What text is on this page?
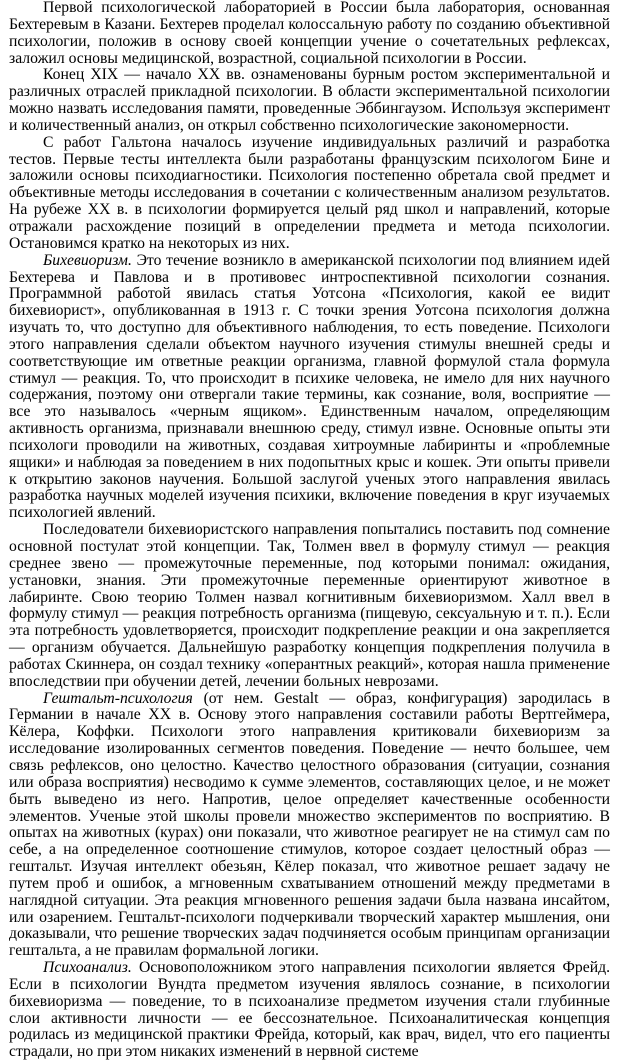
Первой психологической лабораторией в России была лаборатория, основанная Бехтеревым в Казани. Бехтерев проделал колоссальную работу по созданию объективной психологии, положив в основу своей концепции учение о сочетательных рефлексах, заложил основы медицинской, возрастной, социальной психологии в России.

Конец XIX — начало XX вв. ознаменованы бурным ростом экспериментальной и различных отраслей прикладной психологии. В области экспериментальной психологии можно назвать исследования памяти, проведенные Эббингаузом. Используя эксперимент и количественный анализ, он открыл собственно психологические закономерности.

С работ Гальтона началось изучение индивидуальных различий и разработка тестов. Первые тесты интеллекта были разработаны французским психологом Бине и заложили основы психодиагностики. Психология постепенно обретала свой предмет и объективные методы исследования в сочетании с количественным анализом результатов. На рубеже XX в. в психологии формируется целый ряд школ и направлений, которые отражали расхождение позиций в определении предмета и метода психологии. Остановимся кратко на некоторых из них.

Бихевиоризм. Это течение возникло в американской психологии под влиянием идей Бехтерева и Павлова и в противовес интроспективной психологии сознания. Программной работой явилась статья Уотсона «Психология, какой ее видит бихевиорист», опубликованная в 1913 г. С точки зрения Уотсона психология должна изучать то, что доступно для объективного наблюдения, то есть поведение. Психологи этого направления сделали объектом научного изучения стимулы внешней среды и соответствующие им ответные реакции организма, главной формулой стала формула стимул — реакция. То, что происходит в психике человека, не имело для них научного содержания, поэтому они отвергали такие термины, как сознание, воля, восприятие — все это называлось «черным ящиком». Единственным началом, определяющим активность организма, признавали внешнюю среду, стимул извне. Основные опыты эти психологи проводили на животных, создавая хитроумные лабиринты и «проблемные ящики» и наблюдая за поведением в них подопытных крыс и кошек. Эти опыты привели к открытию законов научения. Большой заслугой ученых этого направления явилась разработка научных моделей изучения психики, включение поведения в круг изучаемых психологией явлений.

Последователи бихевиористского направления попытались поставить под сомнение основной постулат этой концепции. Так, Толмен ввел в формулу стимул — реакция среднее звено — промежуточные переменные, под которыми понимал: ожидания, установки, знания. Эти промежуточные переменные ориентируют животное в лабиринте. Свою теорию Толмен назвал когнитивным бихевиоризмом. Халл ввел в формулу стимул — реакция потребность организма (пищевую, сексуальную и т. п.). Если эта потребность удовлетворяется, происходит подкрепление реакции и она закрепляется — организм обучается. Дальнейшую разработку концепция подкрепления получила в работах Скиннера, он создал технику «оперантных реакций», которая нашла применение впоследствии при обучении детей, лечении больных неврозами.

Гештальт-психология (от нем. Gestalt — образ, конфигурация) зародилась в Германии в начале XX в. Основу этого направления составили работы Вертгеймера, Кёлера, Коффки. Психологи этого направления критиковали бихевиоризм за исследование изолированных сегментов поведения. Поведение — нечто большее, чем связь рефлексов, оно целостно. Качество целостного образования (ситуации, сознания или образа восприятия) несводимо к сумме элементов, составляющих целое, и не может быть выведено из него. Напротив, целое определяет качественные особенности элементов. Ученые этой школы провели множество экспериментов по восприятию. В опытах на животных (курах) они показали, что животное реагирует не на стимул сам по себе, а на определенное соотношение стимулов, которое создает целостный образ — гештальт. Изучая интеллект обезьян, Кёлер показал, что животное решает задачу не путем проб и ошибок, а мгновенным схватыванием отношений между предметами в наглядной ситуации. Эта реакция мгновенного решения задачи была названа инсайтом, или озарением. Гештальт-психологи подчеркивали творческий характер мышления, они доказывали, что решение творческих задач подчиняется особым принципам организации гештальта, а не правилам формальной логики.

Психоанализ. Основоположником этого направления психологии является Фрейд. Если в психологии Вундта предметом изучения являлось сознание, в психологии бихевиоризма — поведение, то в психоанализе предметом изучения стали глубинные слои активности личности — ее бессознательное. Психоаналитическая концепция родилась из медицинской практики Фрейда, который, как врач, видел, что его пациенты страдали, но при этом никаких изменений в нервной системе
